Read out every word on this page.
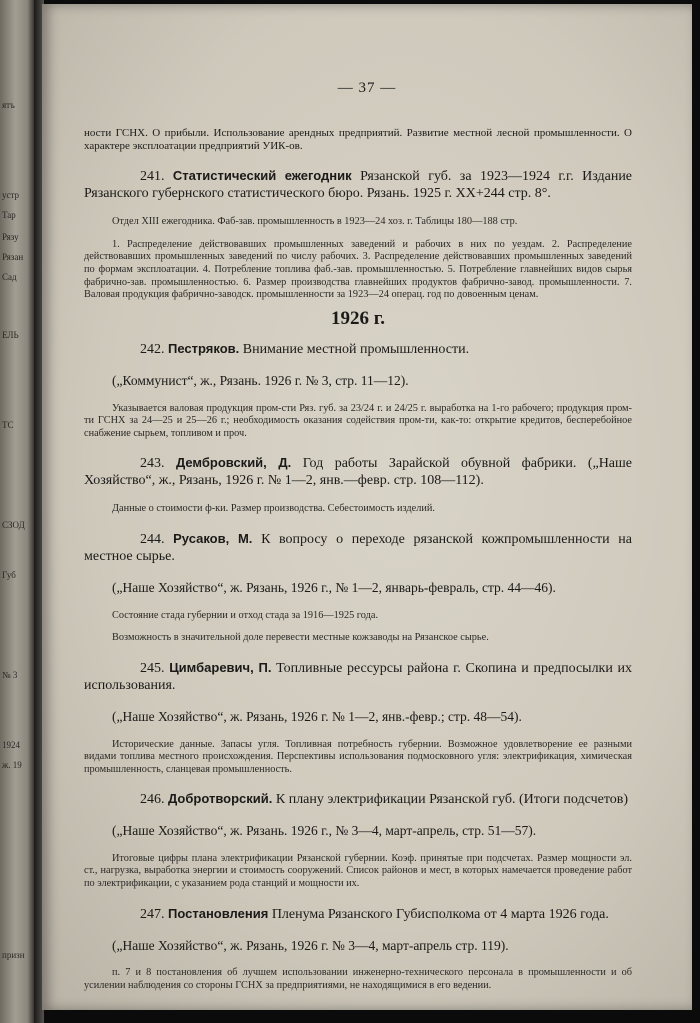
ятъ
устр
Тар
Рязу
Рязан
Сад
ЕЛЬ
ТС
СЗОД
Губ
№ 3
1924
ж. 19
призн
— 37 —

ности ГСНХ. О прибыли. Использование арендных предприятий. Развитие местной лесной промышленности. О характере эксплоатации предприятий УИК-ов.

241. Статистический ежегодник Рязанской губ. за 1923—1924 г.г. Издание Рязанского губернского статистического бюро. Рязань. 1925 г. XX+244 стр. 8°.

Отдел XIII ежегодника. Фаб-зав. промышленность в 1923—24 хоз. г. Таблицы 180—188 стр.

1. Распределение действовавших промышленных заведений и рабочих в них по уездам. 2. Распределение действовавших промышленных заведений по числу рабочих. 3. Распределение действовавших промышленных заведений по формам эксплоатации. 4. Потребление топлива фаб.-зав. промышленностью. 5. Потребление главнейших видов сырья фабрично-зав. промышленностью. 6. Размер производства главнейших продуктов фабрично-завод. промышленности. 7. Валовая продукция фабрично-заводск. промышленности за 1923—24 операц. год по довоенным ценам.

1926 г.

242. Пестряков. Внимание местной промышленности.

(„Коммунист“, ж., Рязань. 1926 г. № 3, стр. 11—12).

Указывается валовая продукция пром-сти Ряз. губ. за 23/24 г. и 24/25 г. выработка на 1-го рабочего; продукция пром-ти ГСНХ за 24—25 и 25—26 г.; необходимость оказания содействия пром-ти, как-то: открытие кредитов, бесперебойное снабжение сырьем, топливом и проч.

243. Дембровский, Д. Год работы Зарайской обувной фабрики. („Наше Хозяйство“, ж., Рязань, 1926 г. № 1—2, янв.—февр. стр. 108—112).

Данные о стоимости ф-ки. Размер производства. Себестоимость изделий.

244. Русаков, М. К вопросу о переходе рязанской кожпромышленности на местное сырье.

(„Наше Хозяйство“, ж. Рязань, 1926 г., № 1—2, январь-февраль, стр. 44—46).

Состояние стада губернии и отход стада за 1916—1925 года.

Возможность в значительной доле перевести местные кожзаводы на Рязанское сырье.

245. Цимбаревич, П. Топливные рессурсы района г. Скопина и предпосылки их использования.

(„Наше Хозяйство“, ж. Рязань, 1926 г. № 1—2, янв.-февр.; стр. 48—54).

Исторические данные. Запасы угля. Топливная потребность губернии. Возможное удовлетворение ее разными видами топлива местного происхождения. Перспективы использования подмосковного угля: электрификация, химическая промышленность, сланцевая промышленность.

246. Добротворский. К плану электрификации Рязанской губ. (Итоги подсчетов)

(„Наше Хозяйство“, ж. Рязань. 1926 г., № 3—4, март-апрель, стр. 51—57).

Итоговые цифры плана электрификации Рязанской губернии. Коэф. принятые при подсчетах. Размер мощности эл. ст., нагрузка, выработка энергии и стоимость сооружений. Список районов и мест, в которых намечается проведение работ по электрификации, с указанием рода станций и мощности их.

247. Постановления Пленума Рязанского Губисполкома от 4 марта 1926 года.

(„Наше Хозяйство“, ж. Рязань, 1926 г. № 3—4, март-апрель стр. 119).

п. 7 и 8 постановления об лучшем использовании инженерно-технического персонала в промышленности и об усилении наблюдения со стороны ГСНХ за предприятиями, не находящимися в его ведении.
